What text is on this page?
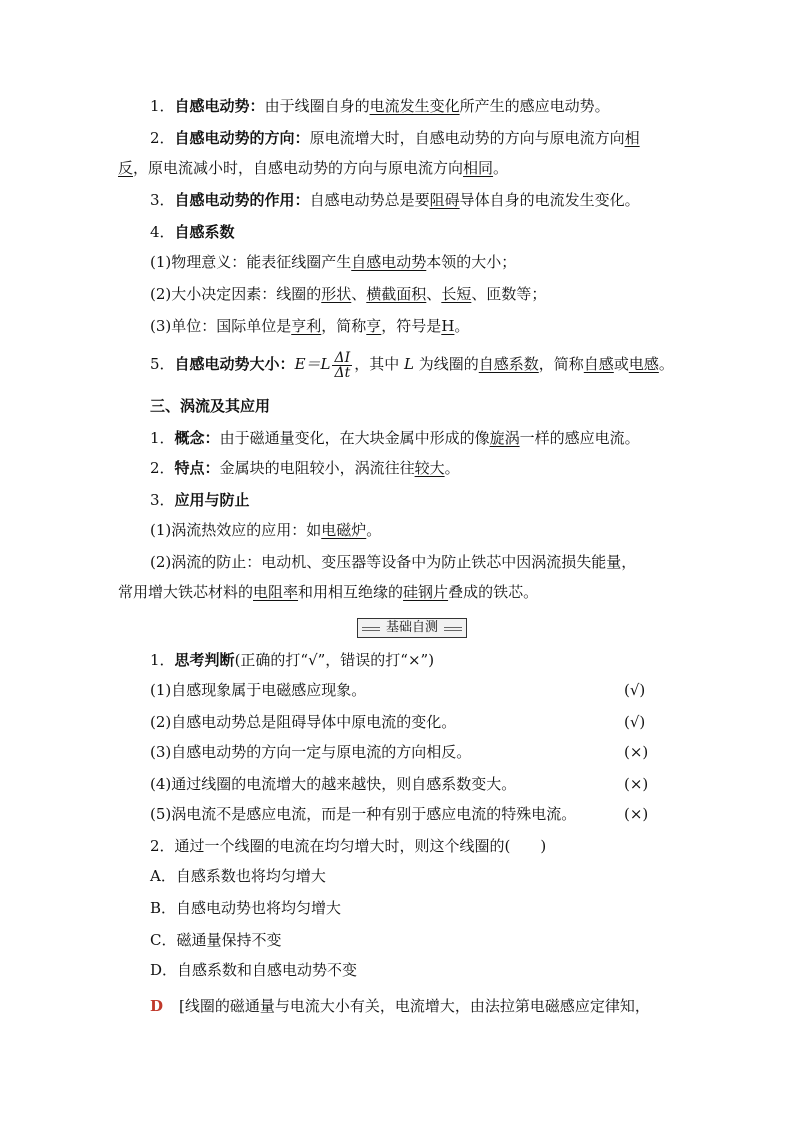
1．自感电动势：由于线圈自身的电流发生变化所产生的感应电动势。
2．自感电动势的方向：原电流增大时，自感电动势的方向与原电流方向相
反，原电流减小时，自感电动势的方向与原电流方向相同。
3．自感电动势的作用：自感电动势总是要阻碍导体自身的电流发生变化。
4．自感系数
(1)物理意义：能表征线圈产生自感电动势本领的大小；
(2)大小决定因素：线圈的形状、横截面积、长短、匝数等；
(3)单位：国际单位是亨利，简称亨，符号是H。
5．自感电动势大小：$E=L \frac{\Delta I}{\Delta t}$ ，其中 L 为线圈的自感系数，简称自感或电感。
三、涡流及其应用
1．概念：由于磁通量变化，在大块金属中形成的像旋涡一样的感应电流。
2．特点：金属块的电阻较小，涡流往往较大。
3．应用与防止
(1)涡流热效应的应用：如电磁炉。
(2)涡流的防止：电动机、变压器等设备中为防止铁芯中因涡流损失能量，
常用增大铁芯材料的电阻率和用相互绝缘的硅钢片叠成的铁芯。
基础自测
1．思考判断(正确的打“√”，错误的打“×”)
(1)自感现象属于电磁感应现象。	(√)
(2)自感电动势总是阻碍导体中原电流的变化。	(√)
(3)自感电动势的方向一定与原电流的方向相反。	(×)
(4)通过线圈的电流增大的越来越快，则自感系数变大。	(×)
(5)涡电流不是感应电流，而是一种有别于感应电流的特殊电流。	(×)
2．通过一个线圈的电流在均匀增大时，则这个线圈的(　　)
A．自感系数也将均匀增大
B．自感电动势也将均匀增大
C．磁通量保持不变
D．自感系数和自感电动势不变
D [线圈的磁通量与电流大小有关，电流增大，由法拉第电磁感应定律知，
